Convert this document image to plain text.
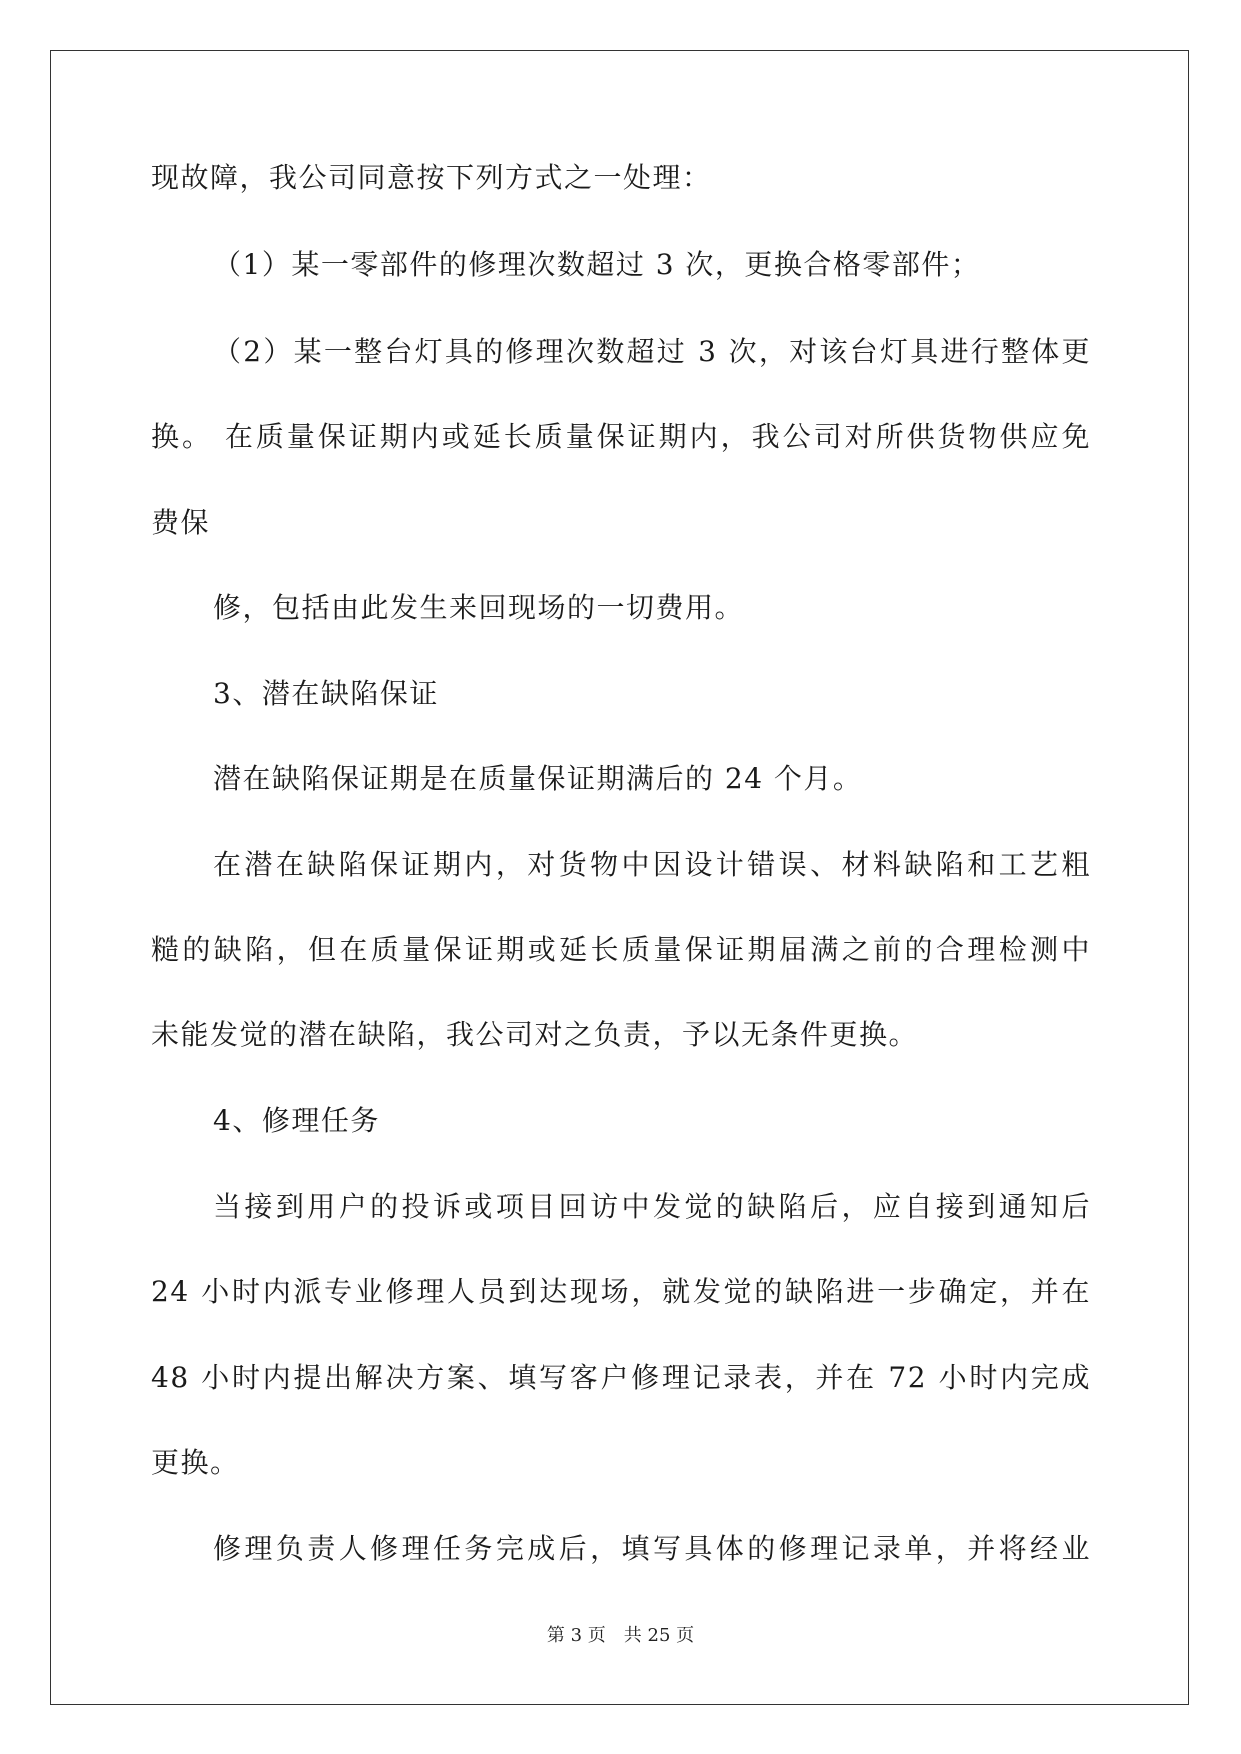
现故障，我公司同意按下列方式之一处理：
（1）某一零部件的修理次数超过 3 次，更换合格零部件；
（2）某一整台灯具的修理次数超过 3 次，对该台灯具进行整体更
换。 在质量保证期内或延长质量保证期内，我公司对所供货物供应免
费保
修，包括由此发生来回现场的一切费用。
3、潜在缺陷保证
潜在缺陷保证期是在质量保证期满后的 24 个月。
在潜在缺陷保证期内，对货物中因设计错误、材料缺陷和工艺粗
糙的缺陷，但在质量保证期或延长质量保证期届满之前的合理检测中
未能发觉的潜在缺陷，我公司对之负责，予以无条件更换。
4、修理任务
当接到用户的投诉或项目回访中发觉的缺陷后，应自接到通知后
24 小时内派专业修理人员到达现场，就发觉的缺陷进一步确定，并在
48 小时内提出解决方案、填写客户修理记录表，并在 72 小时内完成
更换。
修理负责人修理任务完成后，填写具体的修理记录单，并将经业
第 3 页　共 25 页
